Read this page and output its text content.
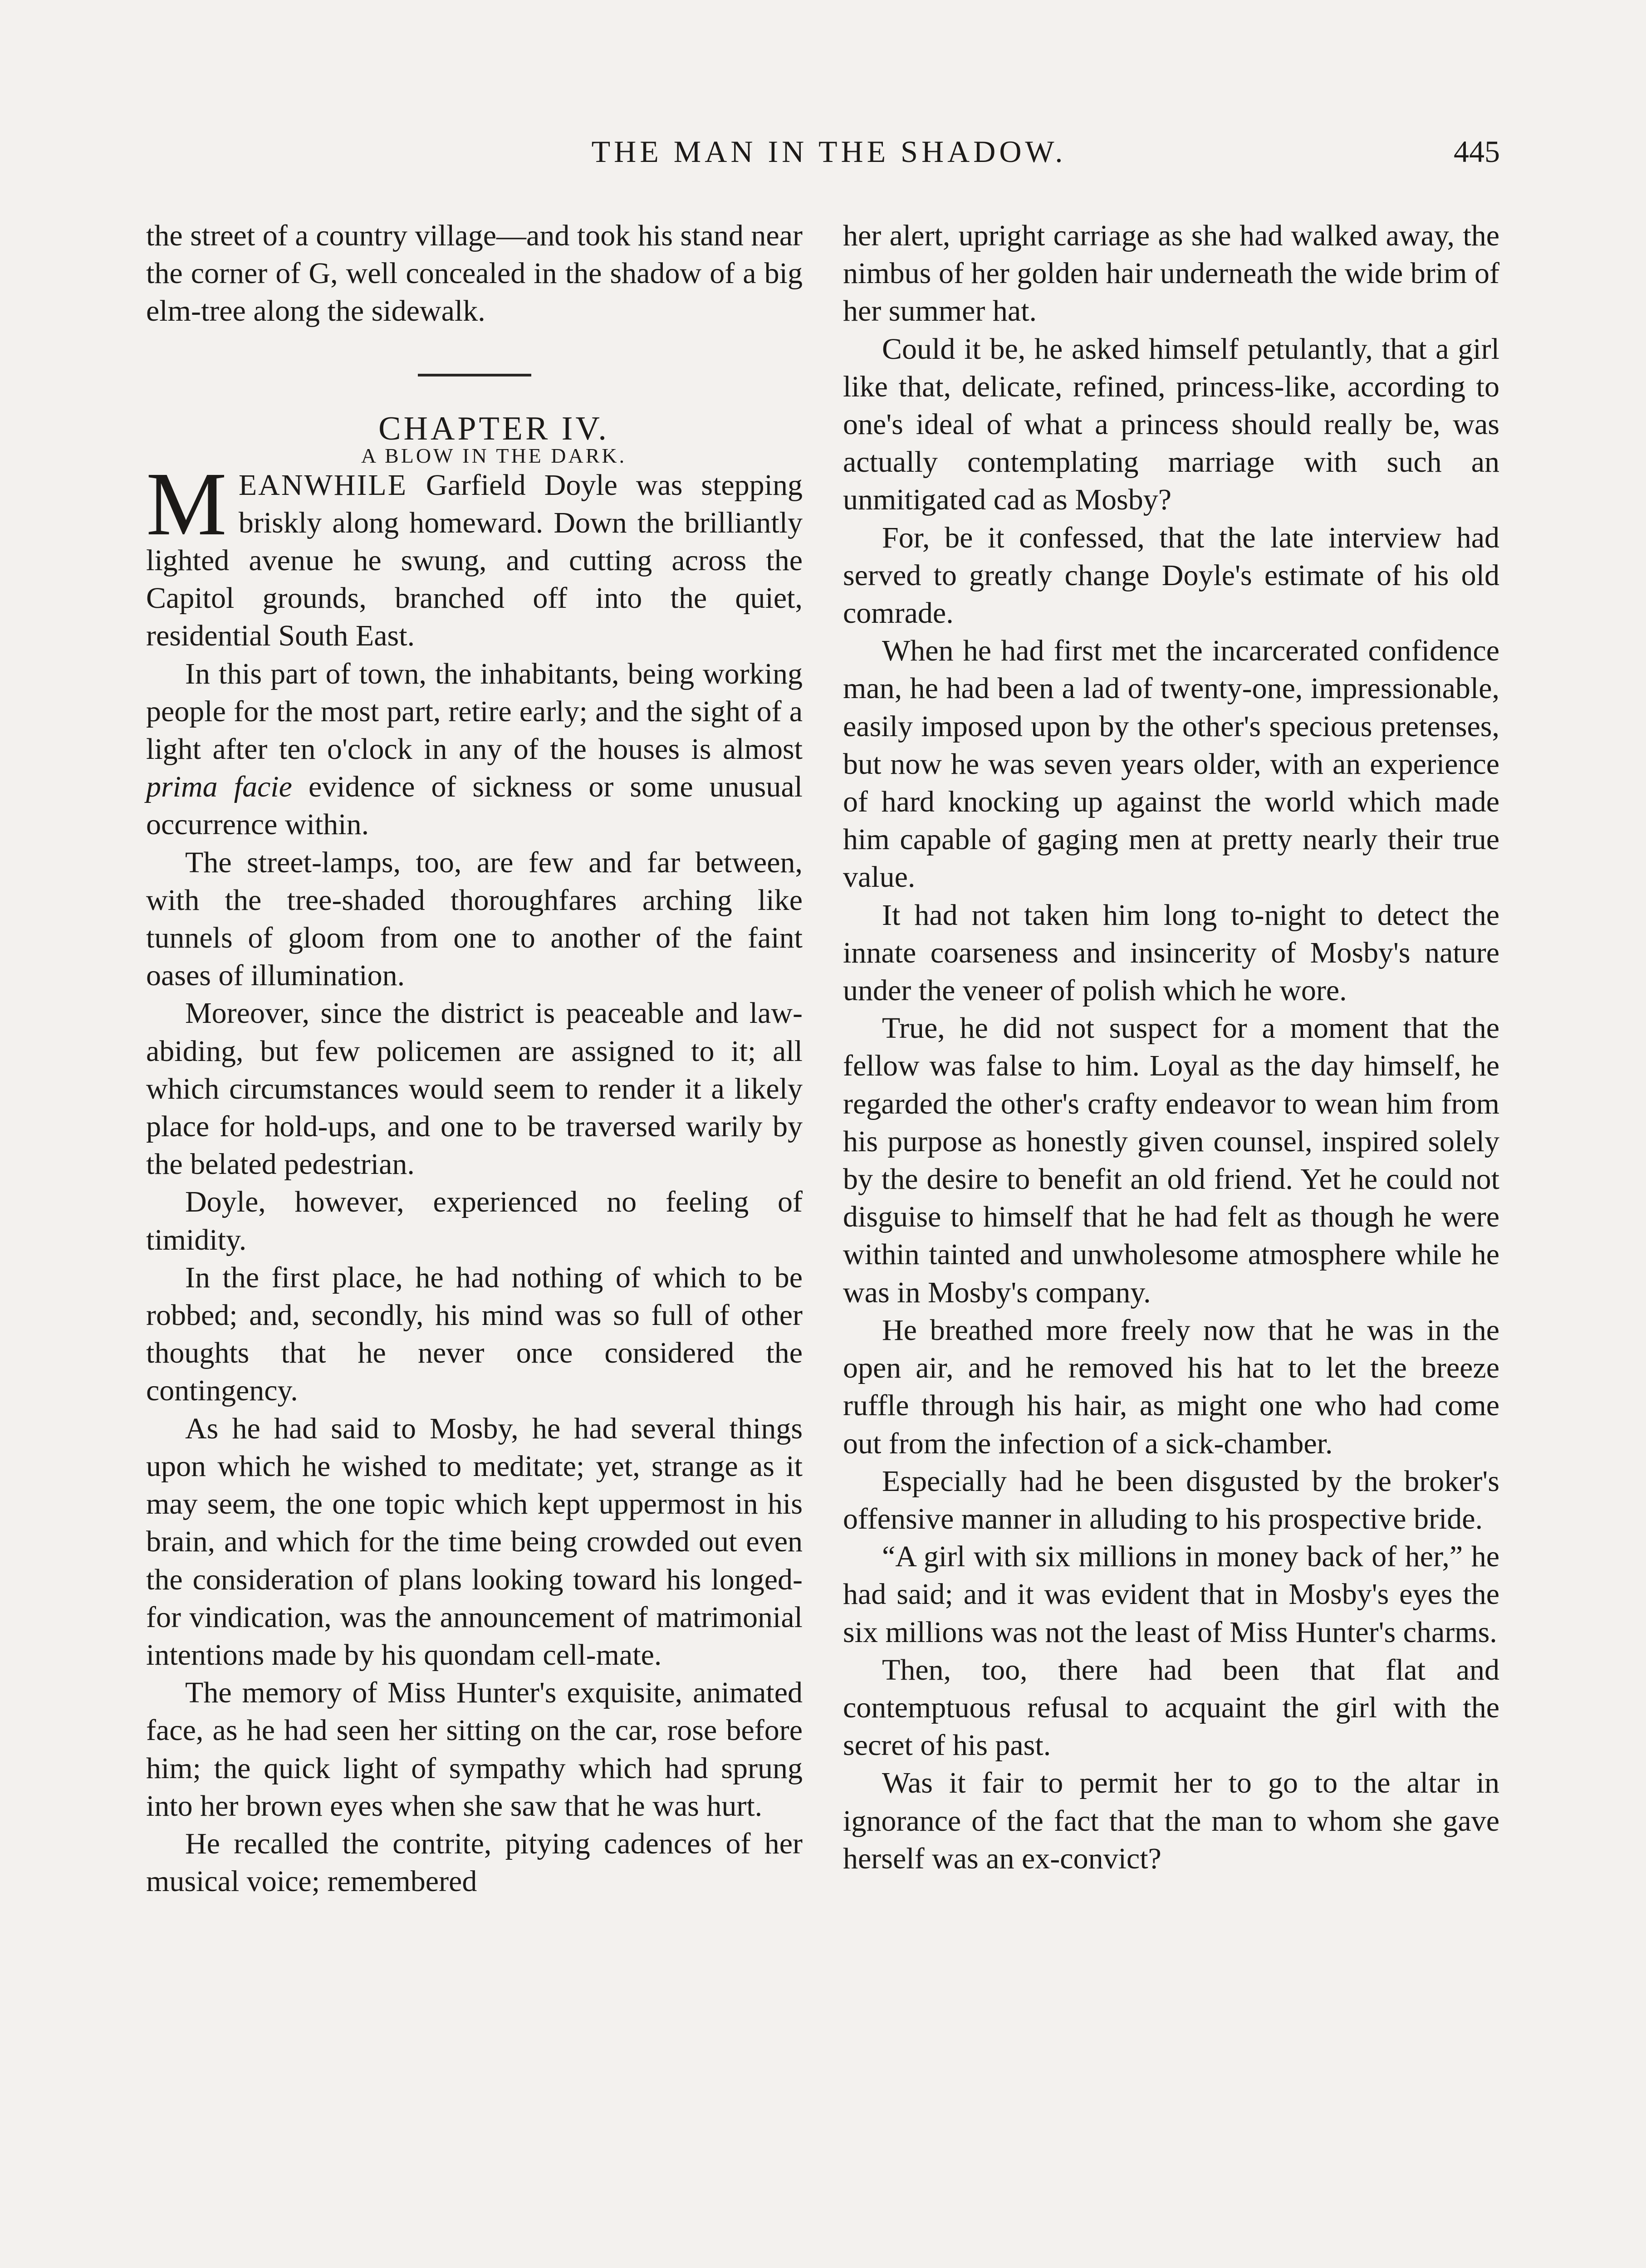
THE MAN IN THE SHADOW.	445

the street of a country village—and took his stand near the corner of G, well concealed in the shadow of a big elm-tree along the sidewalk.

CHAPTER IV.

A BLOW IN THE DARK.

MEANWHILE Garfield Doyle was stepping briskly along homeward. Down the brilliantly lighted avenue he swung, and cutting across the Capitol grounds, branched off into the quiet, residential South East.

In this part of town, the inhabitants, being working people for the most part, retire early; and the sight of a light after ten o'clock in any of the houses is almost prima facie evidence of sickness or some unusual occurrence within.

The street-lamps, too, are few and far between, with the tree-shaded thoroughfares arching like tunnels of gloom from one to another of the faint oases of illumination.

Moreover, since the district is peaceable and law-abiding, but few policemen are assigned to it; all which circumstances would seem to render it a likely place for hold-ups, and one to be traversed warily by the belated pedestrian.

Doyle, however, experienced no feeling of timidity.

In the first place, he had nothing of which to be robbed; and, secondly, his mind was so full of other thoughts that he never once considered the contingency.

As he had said to Mosby, he had several things upon which he wished to meditate; yet, strange as it may seem, the one topic which kept uppermost in his brain, and which for the time being crowded out even the consideration of plans looking toward his longed-for vindication, was the announcement of matrimonial intentions made by his quondam cell-mate.

The memory of Miss Hunter's exquisite, animated face, as he had seen her sitting on the car, rose before him; the quick light of sympathy which had sprung into her brown eyes when she saw that he was hurt.

He recalled the contrite, pitying cadences of her musical voice; remembered

her alert, upright carriage as she had walked away, the nimbus of her golden hair underneath the wide brim of her summer hat.

Could it be, he asked himself petulantly, that a girl like that, delicate, refined, princess-like, according to one's ideal of what a princess should really be, was actually contemplating marriage with such an unmitigated cad as Mosby?

For, be it confessed, that the late interview had served to greatly change Doyle's estimate of his old comrade.

When he had first met the incarcerated confidence man, he had been a lad of twenty-one, impressionable, easily imposed upon by the other's specious pretenses, but now he was seven years older, with an experience of hard knocking up against the world which made him capable of gaging men at pretty nearly their true value.

It had not taken him long to-night to detect the innate coarseness and insincerity of Mosby's nature under the veneer of polish which he wore.

True, he did not suspect for a moment that the fellow was false to him. Loyal as the day himself, he regarded the other's crafty endeavor to wean him from his purpose as honestly given counsel, inspired solely by the desire to benefit an old friend. Yet he could not disguise to himself that he had felt as though he were within tainted and unwholesome atmosphere while he was in Mosby's company.

He breathed more freely now that he was in the open air, and he removed his hat to let the breeze ruffle through his hair, as might one who had come out from the infection of a sick-chamber.

Especially had he been disgusted by the broker's offensive manner in alluding to his prospective bride.

“A girl with six millions in money back of her,” he had said; and it was evident that in Mosby's eyes the six millions was not the least of Miss Hunter's charms.

Then, too, there had been that flat and contemptuous refusal to acquaint the girl with the secret of his past.

Was it fair to permit her to go to the altar in ignorance of the fact that the man to whom she gave herself was an ex-convict?
